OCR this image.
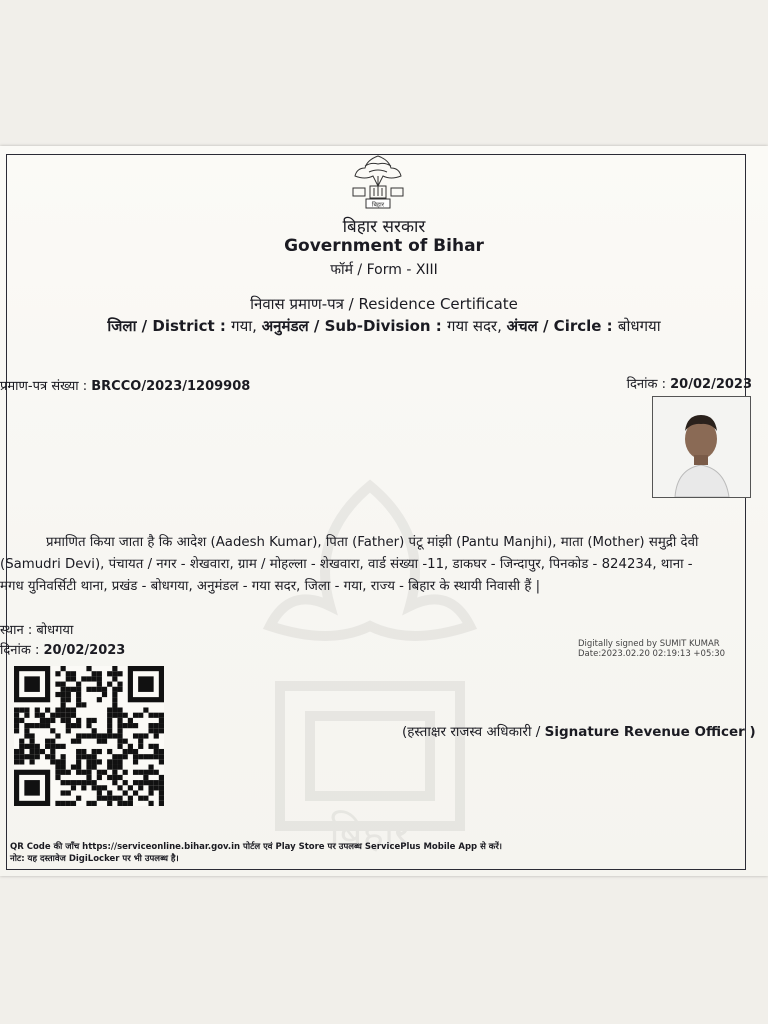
बिहार
बिहार
बिहार सरकार
Government of Bihar
फॉर्म / Form - XIII
निवास प्रमाण-पत्र / Residence Certificate
जिला / District : गया, अनुमंडल / Sub-Division : गया सदर, अंचल / Circle : बोधगया
प्रमाण-पत्र संख्या : BRCCO/2023/1209908	दिनांक : 20/02/2023

प्रमाणित किया जाता है कि आदेश (Aadesh Kumar), पिता (Father) पंटू मांझी (Pantu Manjhi), माता (Mother) समुद्री देवी

(Samudri Devi), पंचायत / नगर - शेखवारा, ग्राम / मोहल्ला - शेखवारा, वार्ड संख्या -11, डाकघर - जिन्दापुर, पिनकोड - 824234, थाना -

मगध युनिवर्सिटी थाना, प्रखंड - बोधगया, अनुमंडल - गया सदर, जिला - गया, राज्य - बिहार के स्थायी निवासी हैं |

स्थान : बोधगया
दिनांक : 20/02/2023	Digitally signed by SUMIT KUMAR
Date:2023.02.20 02:19:13 +05:30
(हस्ताक्षर राजस्व अधिकारी / Signature Revenue Officer )
QR Code की जाँच https://serviceonline.bihar.gov.in पोर्टल एवं Play Store पर उपलब्ध ServicePlus Mobile App से करें।
नोट: यह दस्तावेज DigiLocker पर भी उपलब्ध है।
